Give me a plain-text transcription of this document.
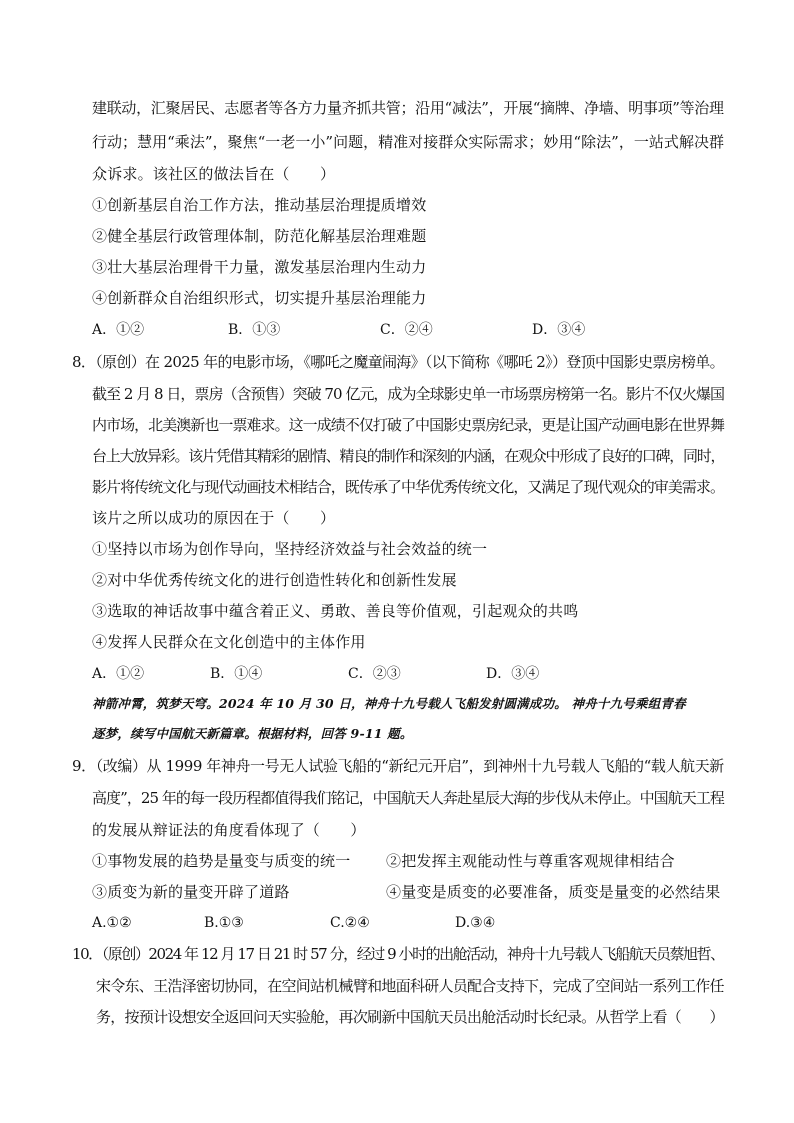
建联动，汇聚居民、志愿者等各方力量齐抓共管；沿用“减法”，开展“摘牌、净墙、明事项”等治理
行动；慧用“乘法”，聚焦“一老一小”问题，精准对接群众实际需求；妙用“除法”，一站式解决群
众诉求。该社区的做法旨在（　　）
①创新基层自治工作方法，推动基层治理提质增效
②健全基层行政管理体制，防范化解基层治理难题
③壮大基层治理骨干力量，激发基层治理内生动力
④创新群众自治组织形式，切实提升基层治理能力
A．①②	B．①③	C．②④	D．③④
8．（原创）在 2025 年的电影市场，《哪吒之魔童闹海》（以下简称《哪吒 2》）登顶中国影史票房榜单。
截至 2 月 8 日，票房（含预售）突破 70 亿元，成为全球影史单一市场票房榜第一名。影片不仅火爆国
内市场，北美澳新也一票难求。这一成绩不仅打破了中国影史票房纪录，更是让国产动画电影在世界舞
台上大放异彩。该片凭借其精彩的剧情、精良的制作和深刻的内涵，在观众中形成了良好的口碑，同时，
影片将传统文化与现代动画技术相结合，既传承了中华优秀传统文化，又满足了现代观众的审美需求。
该片之所以成功的原因在于（　　）
①坚持以市场为创作导向，坚持经济效益与社会效益的统一
②对中华优秀传统文化的进行创造性转化和创新性发展
③选取的神话故事中蕴含着正义、勇敢、善良等价值观，引起观众的共鸣
④发挥人民群众在文化创造中的主体作用
A．①②	B．①④	C．②③	D．③④
神箭冲霄，筑梦天穹。2024 年 10 月 30 日，神舟十九号载人飞船发射圆满成功。 神舟十九号乘组青春
逐梦，续写中国航天新篇章。根据材料，回答 9-11 题。
9．（改编）从 1999 年神舟一号无人试验飞船的“新纪元开启”，到神州十九号载人飞船的“载人航天新
高度”，25 年的每一段历程都值得我们铭记，中国航天人奔赴星辰大海的步伐从未停止。中国航天工程
的发展从辩证法的角度看体现了（　　）
①事物发展的趋势是量变与质变的统一 ②把发挥主观能动性与尊重客观规律相结合
③质变为新的量变开辟了道路	④量变是质变的必要准备，质变是量变的必然结果
A.①②	B.①③	C.②④	D.③④
10．（原创）2024 年 12 月 17 日 21 时 57 分，经过 9 小时的出舱活动，神舟十九号载人飞船航天员蔡旭哲、
宋令东、王浩泽密切协同，在空间站机械臂和地面科研人员配合支持下，完成了空间站一系列工作任
务，按预计设想安全返回问天实验舱，再次刷新中国航天员出舱活动时长纪录。从哲学上看（　　）
